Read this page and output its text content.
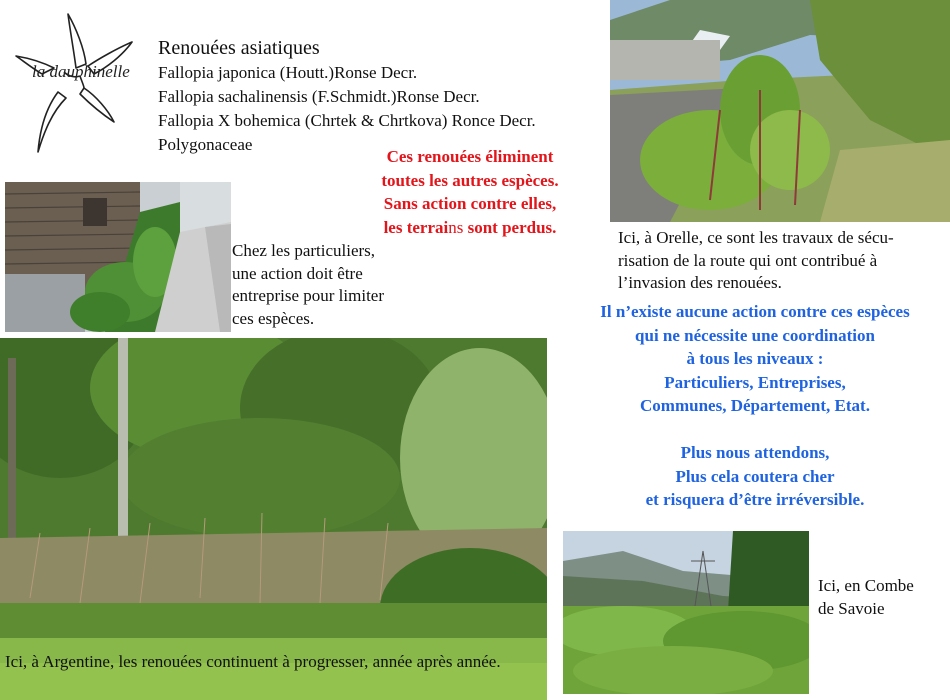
la dauphinelle
Renouées asiatiques
Fallopia japonica (Houtt.)Ronse Decr.
Fallopia sachalinensis (F.Schmidt.)Ronse Decr.
Fallopia X bohemica (Chrtek & Chrtkova) Ronce Decr.
Polygonaceae
Ces renouées éliminent
toutes les autres espèces.
Sans action contre elles,
les terrains sont perdus.
Chez les particuliers,
une action doit être
entreprise pour limiter
ces espèces.
Ici, à Orelle, ce sont les travaux de sécu-
risation de la route qui ont contribué à
l’invasion des renouées.
Il n’existe aucune action contre ces espèces
qui ne nécessite une coordination
à tous les niveaux :
Particuliers, Entreprises,
Communes, Département, Etat.
Plus nous attendons,
Plus cela coutera cher
et risquera d’être irréversible.
Ici, à Argentine, les renouées continuent à progresser, année après année.
Ici, en Combe
de Savoie
